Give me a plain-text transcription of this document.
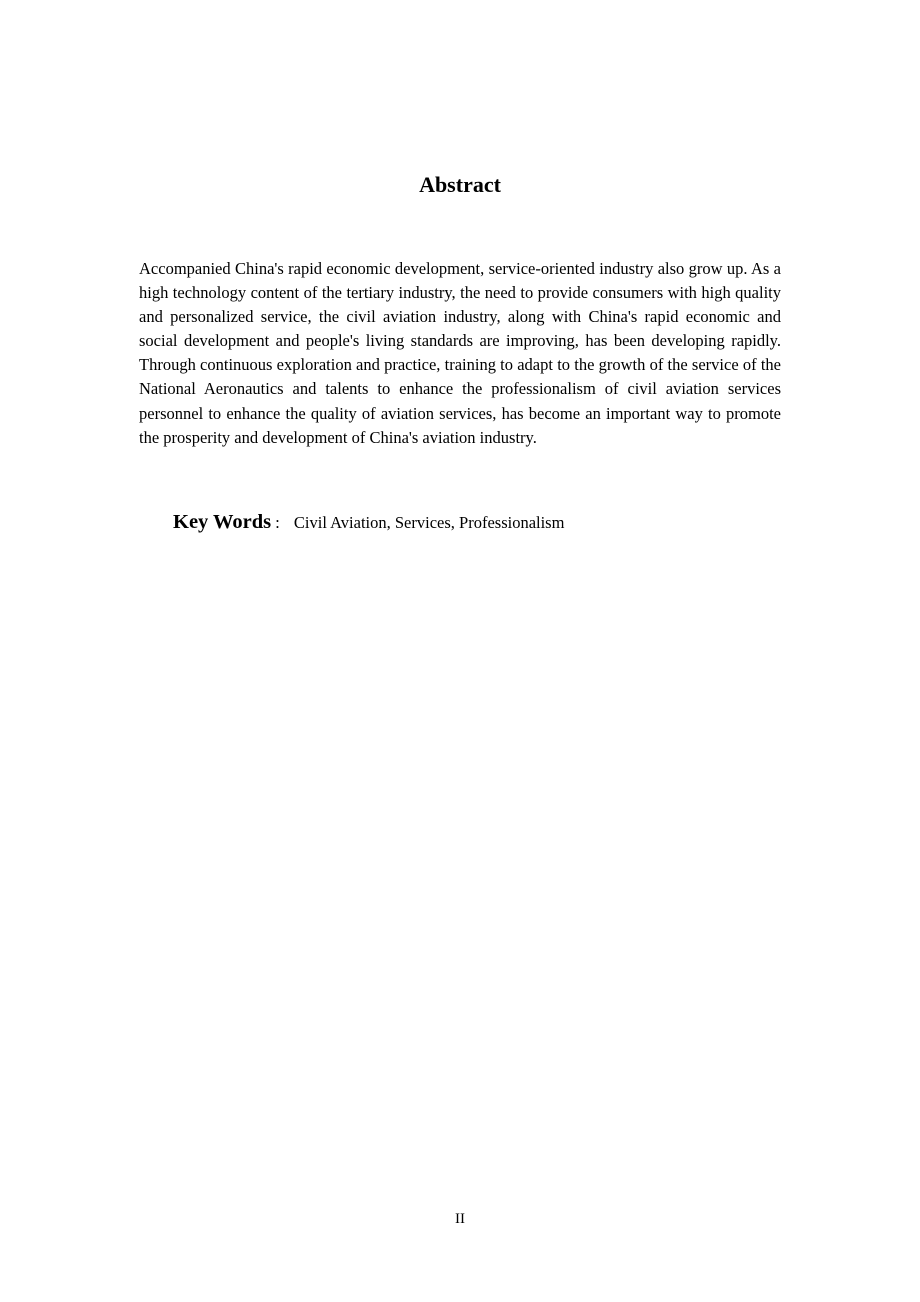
Abstract

Accompanied China's rapid economic development, service-oriented industry also grow up. As a high technology content of the tertiary industry, the need to provide consumers with high quality and personalized service, the civil aviation industry, along with China's rapid economic and social development and people's living standards are improving, has been developing rapidly. Through continuous exploration and practice, training to adapt to the growth of the service of the National Aeronautics and talents to enhance the professionalism of civil aviation services personnel to enhance the quality of aviation services, has become an important way to promote the prosperity and development of China's aviation industry.

Key Words : Civil Aviation, Services, Professionalism

II
